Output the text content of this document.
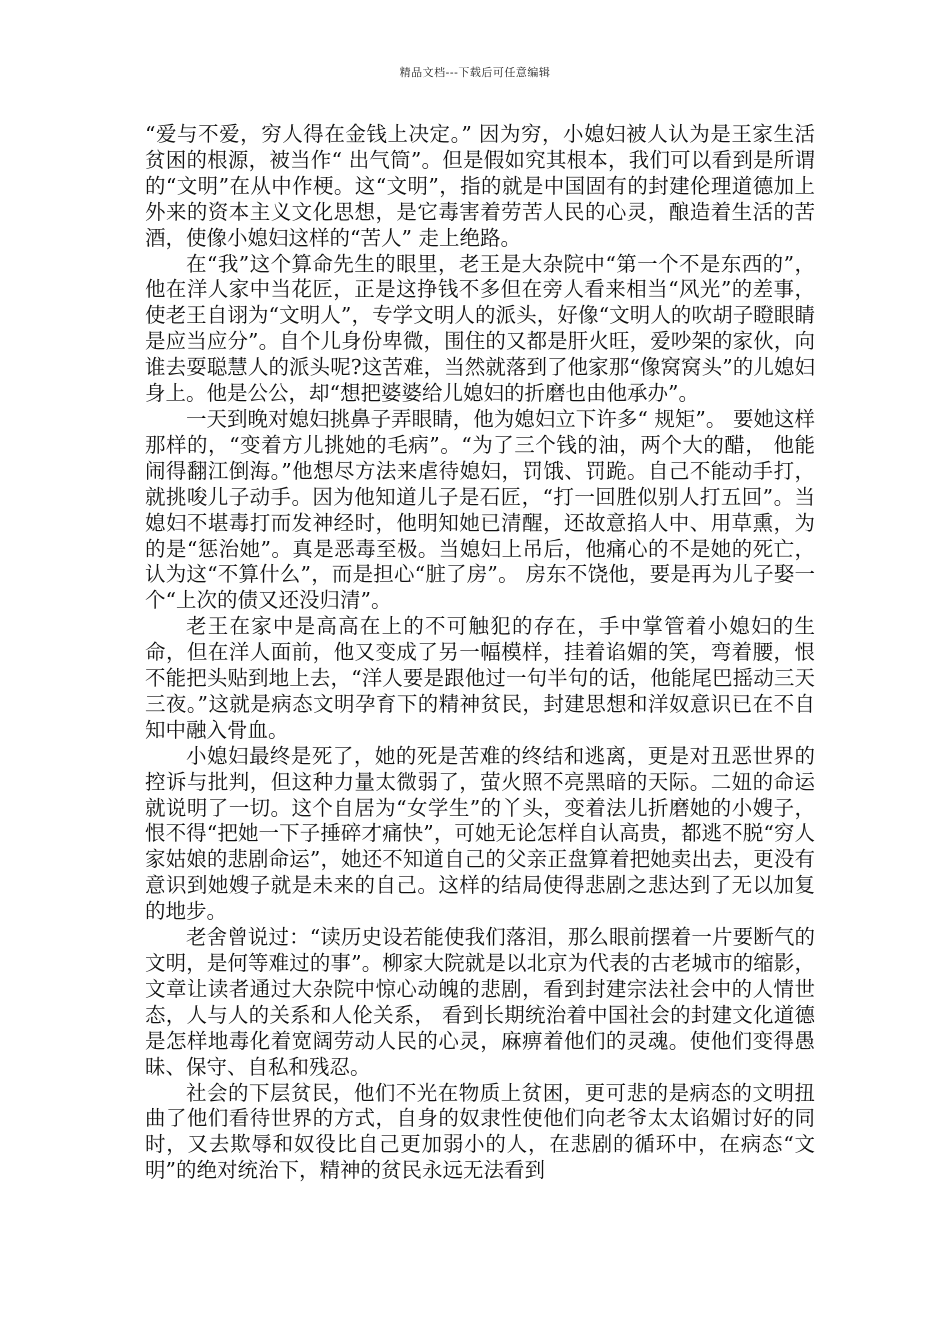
精品文档---下载后可任意编辑

“爱与不爱，穷人得在金钱上决定。” 因为穷，小媳妇被人认为是王家生活贫困的根源，被当作“ 出气筒”。但是假如究其根本，我们可以看到是所谓的“文明”在从中作梗。这“文明”，指的就是中国固有的封建伦理道德加上外来的资本主义文化思想，是它毒害着劳苦人民的心灵，酿造着生活的苦酒，使像小媳妇这样的“苦人” 走上绝路。

在“我”这个算命先生的眼里，老王是大杂院中“第一个不是东西的”，他在洋人家中当花匠，正是这挣钱不多但在旁人看来相当“风光”的差事，使老王自诩为“文明人”，专学文明人的派头，好像“文明人的吹胡子瞪眼睛是应当应分”。自个儿身份卑微，围住的又都是肝火旺，爱吵架的家伙，向谁去耍聪慧人的派头呢?这苦难，当然就落到了他家那“像窝窝头”的儿媳妇身上。他是公公，却“想把婆婆给儿媳妇的折磨也由他承办”。

一天到晚对媳妇挑鼻子弄眼睛，他为媳妇立下许多“ 规矩”。 要她这样那样的，“变着方儿挑她的毛病”。“为了三个钱的油，两个大的醋， 他能闹得翻江倒海。”他想尽方法来虐待媳妇，罚饿、罚跪。自己不能动手打，就挑唆儿子动手。因为他知道儿子是石匠，“打一回胜似别人打五回”。当媳妇不堪毒打而发神经时，他明知她已清醒，还故意掐人中、用草熏，为的是“惩治她”。真是恶毒至极。当媳妇上吊后，他痛心的不是她的死亡，认为这“不算什么”，而是担心“脏了房”。 房东不饶他，要是再为儿子娶一个“上次的债又还没归清”。

老王在家中是高高在上的不可触犯的存在，手中掌管着小媳妇的生命，但在洋人面前，他又变成了另一幅模样，挂着谄媚的笑，弯着腰，恨不能把头贴到地上去，“洋人要是跟他过一句半句的话，他能尾巴摇动三天三夜。”这就是病态文明孕育下的精神贫民，封建思想和洋奴意识已在不自知中融入骨血。

小媳妇最终是死了，她的死是苦难的终结和逃离，更是对丑恶世界的控诉与批判，但这种力量太微弱了，萤火照不亮黑暗的天际。二妞的命运就说明了一切。这个自居为“女学生”的丫头，变着法儿折磨她的小嫂子，恨不得“把她一下子捶碎才痛快”，可她无论怎样自认高贵，都逃不脱“穷人家姑娘的悲剧命运”，她还不知道自己的父亲正盘算着把她卖出去，更没有意识到她嫂子就是未来的自己。这样的结局使得悲剧之悲达到了无以加复的地步。

老舍曾说过：“读历史设若能使我们落泪，那么眼前摆着一片要断气的文明，是何等难过的事”。柳家大院就是以北京为代表的古老城市的缩影，文章让读者通过大杂院中惊心动魄的悲剧，看到封建宗法社会中的人情世态，人与人的关系和人伦关系， 看到长期统治着中国社会的封建文化道德是怎样地毒化着宽阔劳动人民的心灵，麻痹着他们的灵魂。使他们变得愚昧、保守、自私和残忍。

社会的下层贫民，他们不光在物质上贫困，更可悲的是病态的文明扭曲了他们看待世界的方式，自身的奴隶性使他们向老爷太太谄媚讨好的同时，又去欺辱和奴役比自己更加弱小的人，在悲剧的循环中，在病态“文明”的绝对统治下，精神的贫民永远无法看到
